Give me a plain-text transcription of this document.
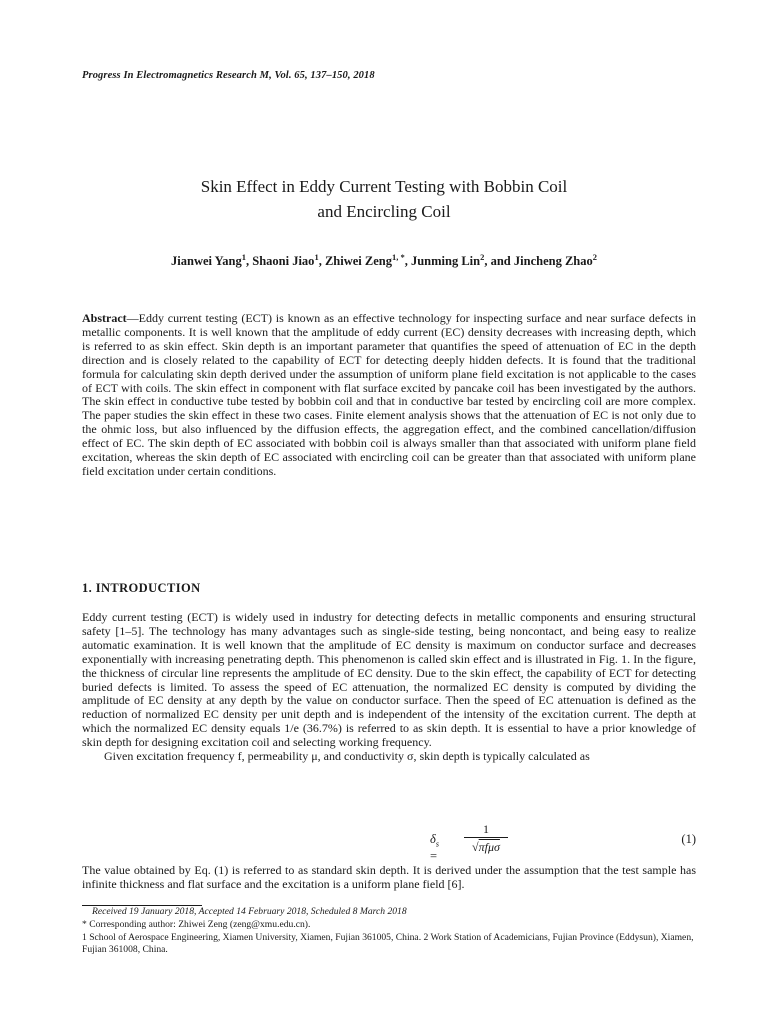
Progress In Electromagnetics Research M, Vol. 65, 137–150, 2018
Skin Effect in Eddy Current Testing with Bobbin Coil
and Encircling Coil
Jianwei Yang$^1$, Shaoni Jiao$^1$, Zhiwei Zeng$^{1, *}$, Junming Lin$^2$, and Jincheng Zhao$^2$
Abstract—Eddy current testing (ECT) is known as an effective technology for inspecting surface and near surface defects in metallic components. It is well known that the amplitude of eddy current (EC) density decreases with increasing depth, which is referred to as skin effect. Skin depth is an important parameter that quantifies the speed of attenuation of EC in the depth direction and is closely related to the capability of ECT for detecting deeply hidden defects. It is found that the traditional formula for calculating skin depth derived under the assumption of uniform plane field excitation is not applicable to the cases of ECT with coils. The skin effect in component with flat surface excited by pancake coil has been investigated by the authors. The skin effect in conductive tube tested by bobbin coil and that in conductive bar tested by encircling coil are more complex. The paper studies the skin effect in these two cases. Finite element analysis shows that the attenuation of EC is not only due to the ohmic loss, but also influenced by the diffusion effects, the aggregation effect, and the combined cancellation/diffusion effect of EC. The skin depth of EC associated with bobbin coil is always smaller than that associated with uniform plane field excitation, whereas the skin depth of EC associated with encircling coil can be greater than that associated with uniform plane field excitation under certain conditions.
1. INTRODUCTION

Eddy current testing (ECT) is widely used in industry for detecting defects in metallic components and ensuring structural safety [1–5]. The technology has many advantages such as single-side testing, being noncontact, and being easy to realize automatic examination. It is well known that the amplitude of EC density is maximum on conductor surface and decreases exponentially with increasing penetrating depth. This phenomenon is called skin effect and is illustrated in Fig. 1. In the figure, the thickness of circular line represents the amplitude of EC density. Due to the skin effect, the capability of ECT for detecting buried defects is limited. To assess the speed of EC attenuation, the normalized EC density is computed by dividing the amplitude of EC density at any depth by the value on conductor surface. Then the speed of EC attenuation is defined as the reduction of normalized EC density per unit depth and is independent of the intensity of the excitation current. The depth at which the normalized EC density equals 1/e (36.7%) is referred to as skin depth. It is essential to have a prior knowledge of skin depth for designing excitation coil and selecting working frequency.

Given excitation frequency f, permeability μ, and conductivity σ, skin depth is typically calculated as

$\delta_s$ =
1
√πfμσ
(1)
The value obtained by Eq. (1) is referred to as standard skin depth. It is derived under the assumption that the test sample has infinite thickness and flat surface and the excitation is a uniform plane field [6].
Received 19 January 2018, Accepted 14 February 2018, Scheduled 8 March 2018
* Corresponding author: Zhiwei Zeng (zeng@xmu.edu.cn).
1 School of Aerospace Engineering, Xiamen University, Xiamen, Fujian 361005, China. 2 Work Station of Academicians, Fujian Province (Eddysun), Xiamen, Fujian 361008, China.
